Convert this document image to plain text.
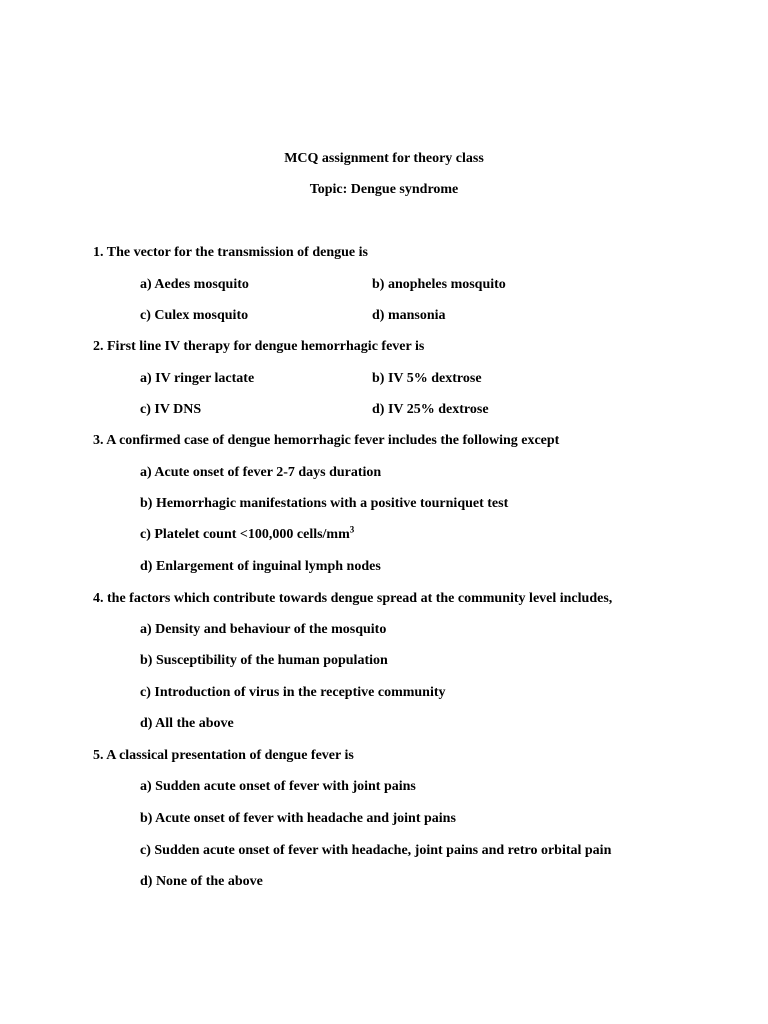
MCQ assignment for theory class
Topic: Dengue syndrome
1. The vector for the transmission of dengue is
a) Aedes mosquito	b) anopheles mosquito
c) Culex mosquito	d) mansonia
2. First line IV therapy for dengue hemorrhagic fever is
a) IV ringer lactate	b) IV 5% dextrose
c) IV DNS	d) IV 25% dextrose
3. A confirmed case of dengue hemorrhagic fever includes the following except
a) Acute onset of fever 2-7 days duration
b) Hemorrhagic manifestations with a positive tourniquet test
c) Platelet count <100,000 cells/$mm^3$
d) Enlargement of inguinal lymph nodes
4. the factors which contribute towards dengue spread at the community level includes,
a) Density and behaviour of the mosquito
b) Susceptibility of the human population
c) Introduction of virus in the receptive community
d) All the above
5. A classical presentation of dengue fever is
a) Sudden acute onset of fever with joint pains
b) Acute onset of fever with headache and joint pains
c) Sudden acute onset of fever with headache, joint pains and retro orbital pain
d) None of the above
